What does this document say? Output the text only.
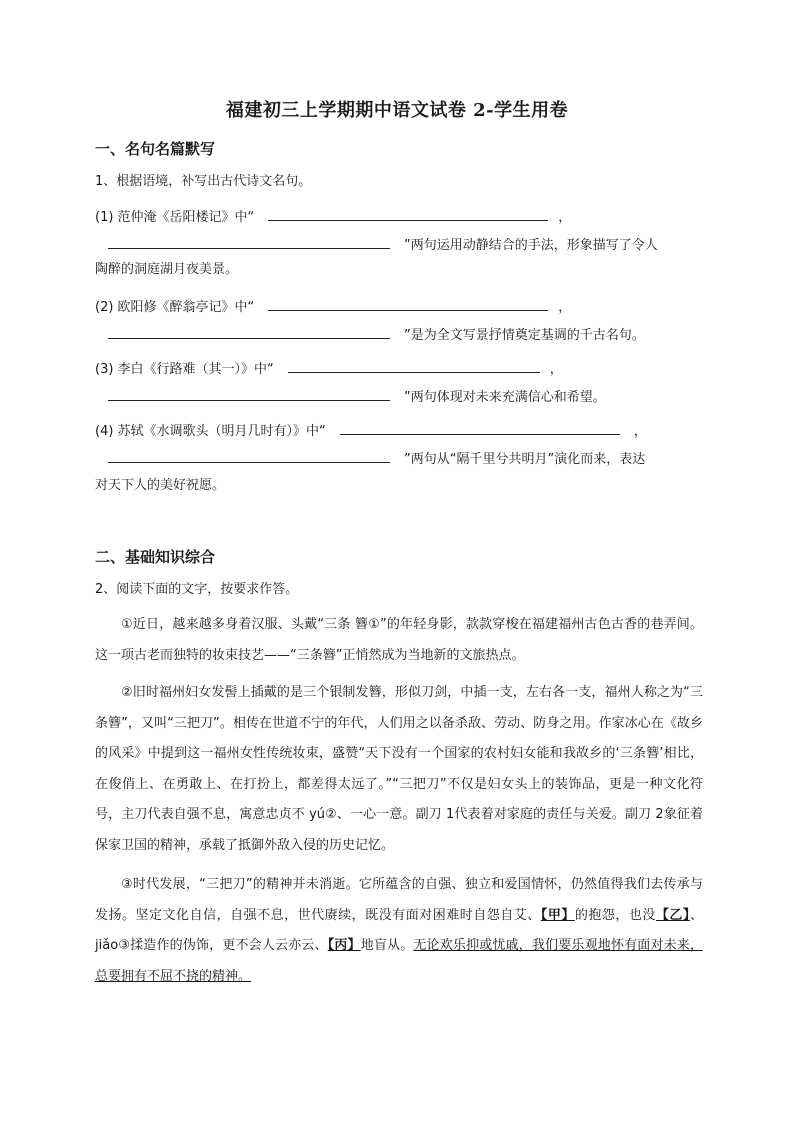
福建初三上学期期中语文试卷 2-学生用卷
一、名句名篇默写
1、根据语境，补写出古代诗文名句。
(1) 范仲淹《岳阳楼记》中“	，
”两句运用动静结合的手法，形象描写了令人
陶醉的洞庭湖月夜美景。
(2) 欧阳修《醉翁亭记》中“	，
”是为全文写景抒情奠定基调的千古名句。
(3) 李白《行路难（其一）》中“	，
”两句体现对未来充满信心和希望。
(4) 苏轼《水调歌头（明月几时有）》中“	，
”两句从“隔千里兮共明月”演化而来，表达
对天下人的美好祝愿。
二、基础知识综合
2、阅读下面的文字，按要求作答。
①近日，越来越多身着汉服、头戴“三条 簪①”的年轻身影，款款穿梭在福建福州古色古香的巷弄间。这一项古老而独特的妆束技艺——“三条簪”正悄然成为当地新的文旅热点。
②旧时福州妇女发髻上插戴的是三个银制发簪，形似刀剑，中插一支，左右各一支，福州人称之为“三条簪”，又叫“三把刀”。相传在世道不宁的年代，人们用之以备杀敌、劳动、防身之用。作家冰心在《故乡的风采》中提到这一福州女性传统妆束，盛赞“天下没有一个国家的农村妇女能和我故乡的‘三条簪’相比，在俊俏上、在勇敢上、在打扮上，都差得太远了。”“三把刀”不仅是妇女头上的装饰品，更是一种文化符号，主刀代表自强不息，寓意忠贞不 yú②、一心一意。副刀 1代表着对家庭的责任与关爱。副刀 2象征着保家卫国的精神，承载了抵御外敌入侵的历史记忆。
③时代发展，“三把刀”的精神并未消逝。它所蕴含的自强、独立和爱国情怀，仍然值得我们去传承与发扬。坚定文化自信，自强不息，世代赓续，既没有面对困难时自怨自艾、【甲】的抱怨，也没【乙】、jiǎo③揉造作的伪饰，更不会人云亦云、【丙】地盲从。无论欢乐抑或忧戚，我们要乐观地怀有面对未来，总要拥有不屈不挠的精神。
